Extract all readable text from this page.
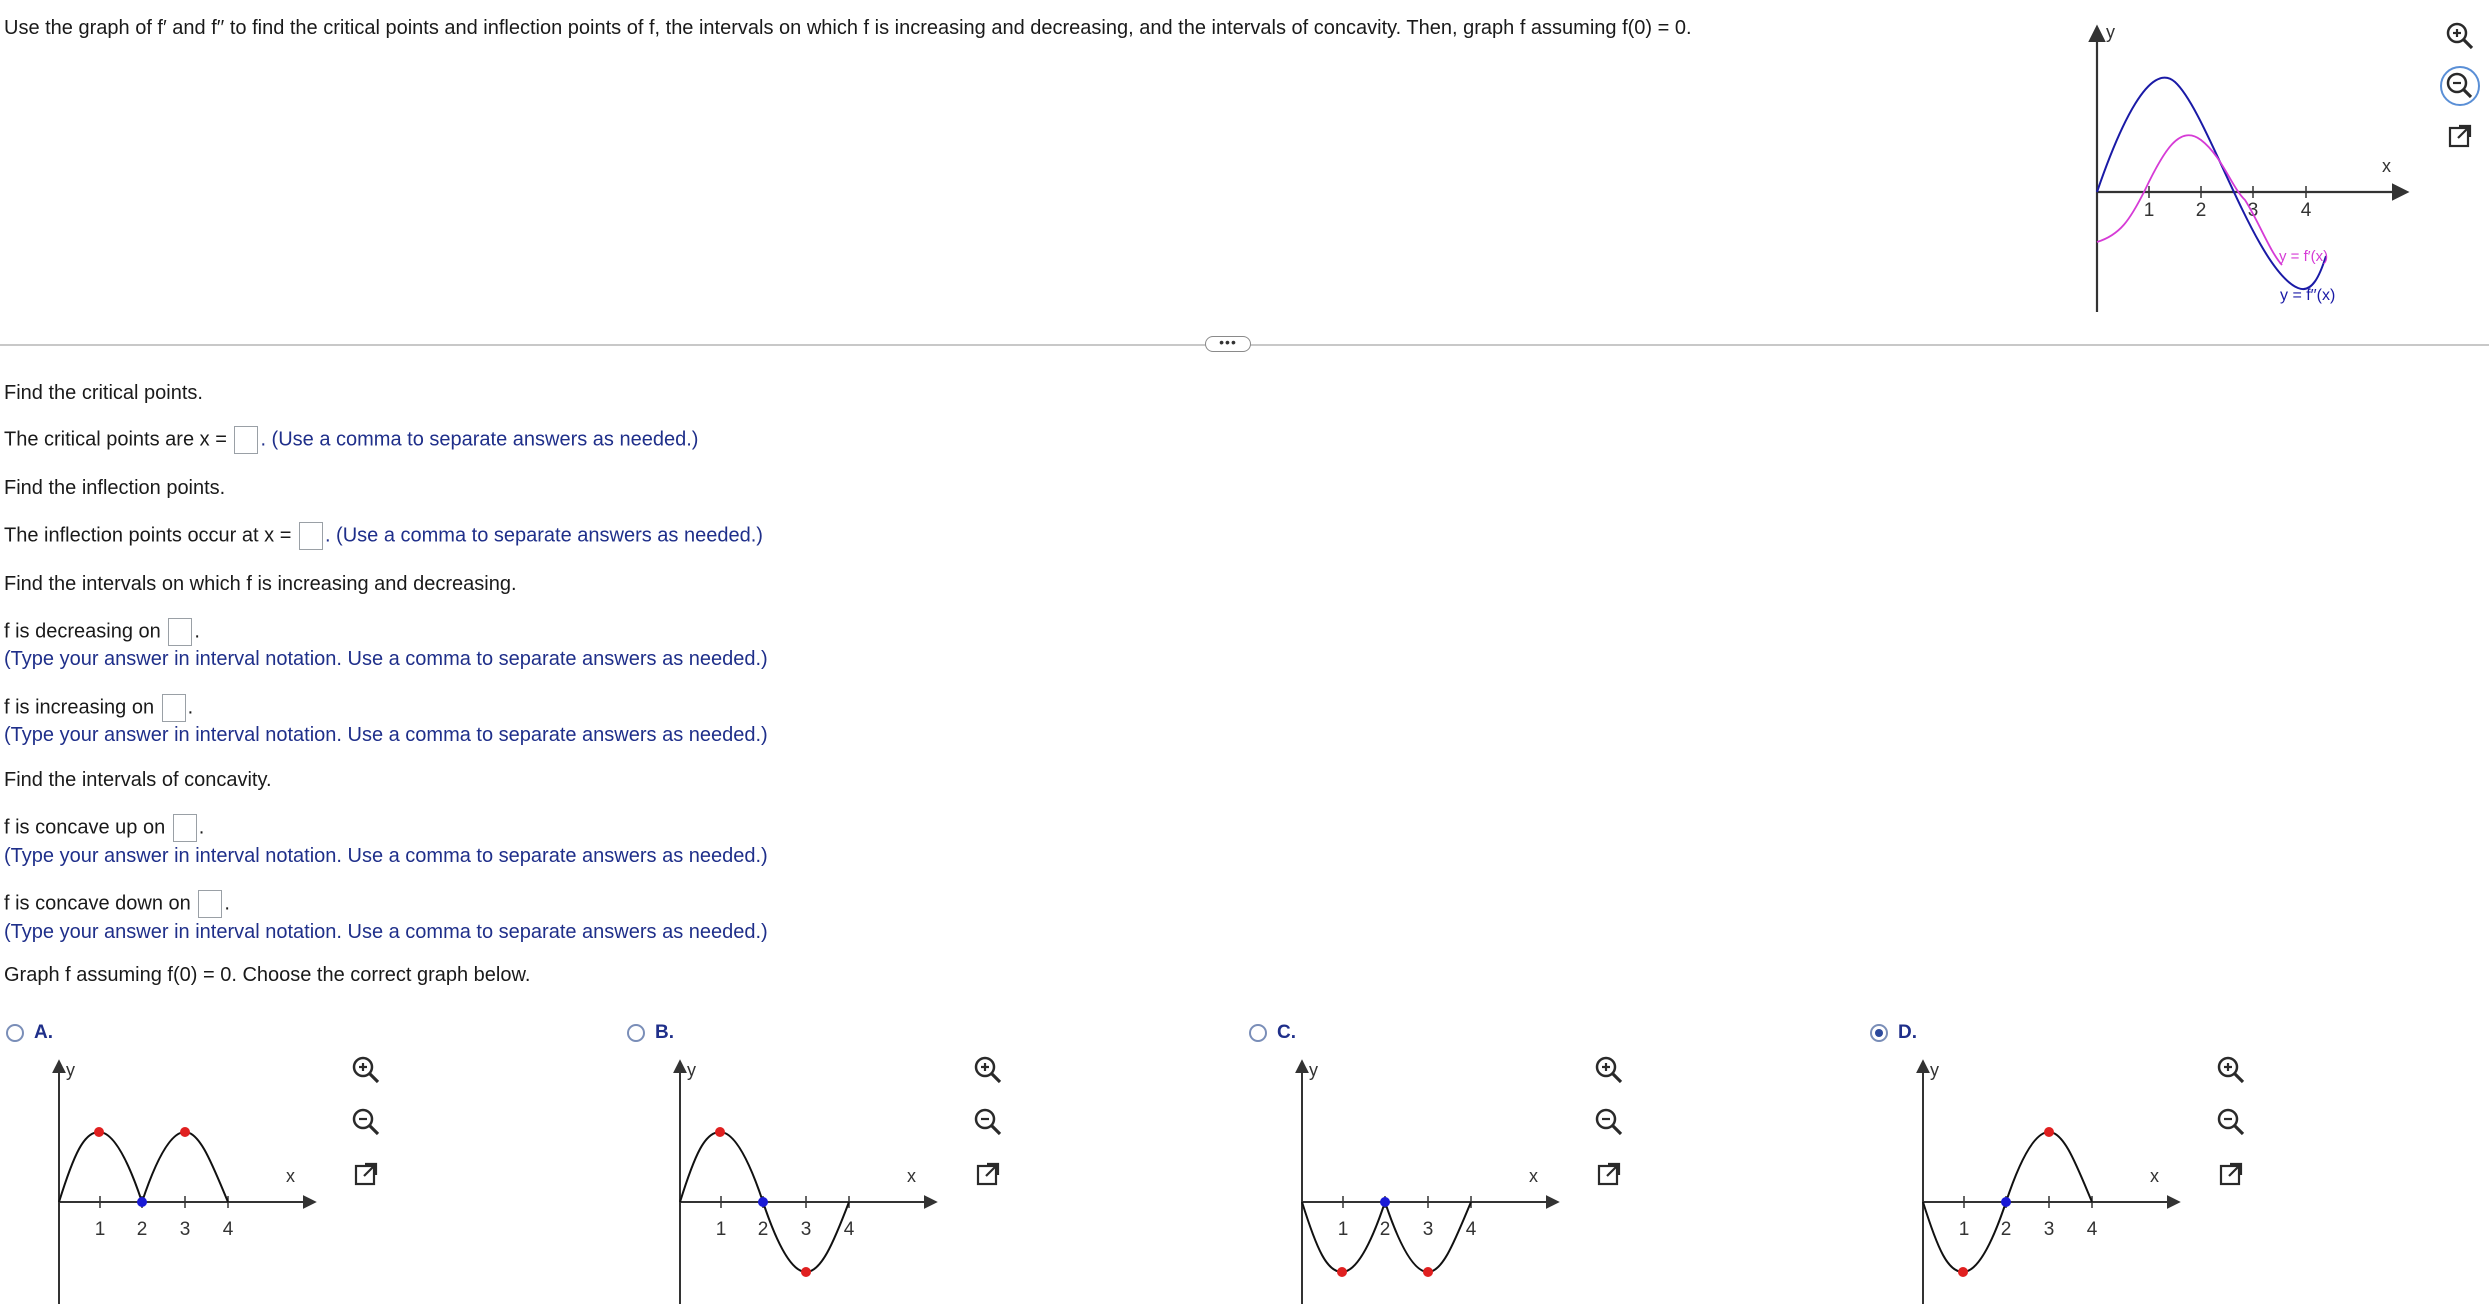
Use the graph of f′ and f′′ to find the critical points and inflection points of f, the intervals on which f is increasing and decreasing, and the intervals of concavity. Then, graph f assuming f(0) = 0.	y
x
1 2 3 4
y = f′(x)
y = f′′(x)
•••
Find the critical points.
The critical points are x = . (Use a comma to separate answers as needed.)
Find the inflection points.
The inflection points occur at x = . (Use a comma to separate answers as needed.)
Find the intervals on which f is increasing and decreasing.
f is decreasing on .
(Type your answer in interval notation. Use a comma to separate answers as needed.)
f is increasing on .
(Type your answer in interval notation. Use a comma to separate answers as needed.)
Find the intervals of concavity.
f is concave up on .
(Type your answer in interval notation. Use a comma to separate answers as needed.)
f is concave down on .
(Type your answer in interval notation. Use a comma to separate answers as needed.)
Graph f assuming f(0) = 0. Choose the correct graph below.
A.	B.	C.	D.
y
x
1 2 3 4
y
x
1 2 3 4
y
x
1 2 3 4
y
x
1 2 3 4
